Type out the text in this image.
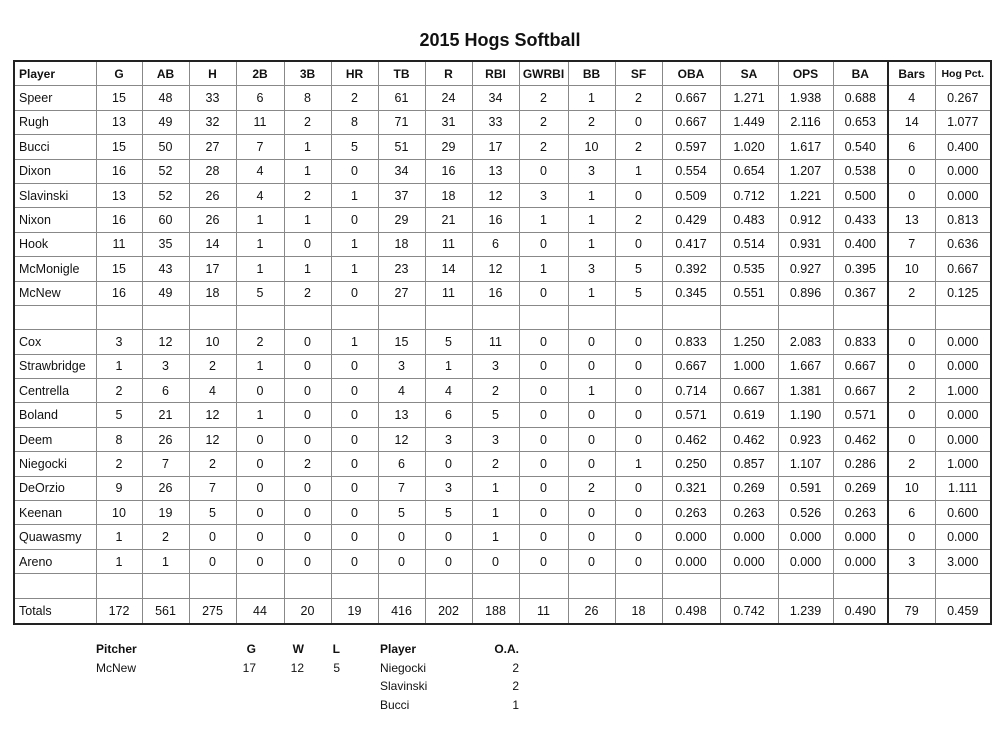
2015 Hogs Softball
Player	G	AB	H	2B	3B	HR	TB	R	RBI	GWRBI	BB	SF	OBA	SA	OPS	BA	Bars	Hog Pct.
Speer	15	48	33	6	8	2	61	24	34	2	1	2	0.667	1.271	1.938	0.688	4	0.267
Rugh	13	49	32	11	2	8	71	31	33	2	2	0	0.667	1.449	2.116	0.653	14	1.077
Bucci	15	50	27	7	1	5	51	29	17	2	10	2	0.597	1.020	1.617	0.540	6	0.400
Dixon	16	52	28	4	1	0	34	16	13	0	3	1	0.554	0.654	1.207	0.538	0	0.000
Slavinski	13	52	26	4	2	1	37	18	12	3	1	0	0.509	0.712	1.221	0.500	0	0.000
Nixon	16	60	26	1	1	0	29	21	16	1	1	2	0.429	0.483	0.912	0.433	13	0.813
Hook	11	35	14	1	0	1	18	11	6	0	1	0	0.417	0.514	0.931	0.400	7	0.636
McMonigle	15	43	17	1	1	1	23	14	12	1	3	5	0.392	0.535	0.927	0.395	10	0.667
McNew	16	49	18	5	2	0	27	11	16	0	1	5	0.345	0.551	0.896	0.367	2	0.125

Cox	3	12	10	2	0	1	15	5	11	0	0	0	0.833	1.250	2.083	0.833	0	0.000
Strawbridge	1	3	2	1	0	0	3	1	3	0	0	0	0.667	1.000	1.667	0.667	0	0.000
Centrella	2	6	4	0	0	0	4	4	2	0	1	0	0.714	0.667	1.381	0.667	2	1.000
Boland	5	21	12	1	0	0	13	6	5	0	0	0	0.571	0.619	1.190	0.571	0	0.000
Deem	8	26	12	0	0	0	12	3	3	0	0	0	0.462	0.462	0.923	0.462	0	0.000
Niegocki	2	7	2	0	2	0	6	0	2	0	0	1	0.250	0.857	1.107	0.286	2	1.000
DeOrzio	9	26	7	0	0	0	7	3	1	0	2	0	0.321	0.269	0.591	0.269	10	1.111
Keenan	10	19	5	0	0	0	5	5	1	0	0	0	0.263	0.263	0.526	0.263	6	0.600
Quawasmy	1	2	0	0	0	0	0	0	1	0	0	0	0.000	0.000	0.000	0.000	0	0.000
Areno	1	1	0	0	0	0	0	0	0	0	0	0	0.000	0.000	0.000	0.000	3	3.000

Totals	172	561	275	44	20	19	416	202	188	11	26	18	0.498	0.742	1.239	0.490	79	0.459
Pitcher	G	W	L
McNew	17	12	5
Player	O.A.
Niegocki	2
Slavinski	2
Bucci	1
